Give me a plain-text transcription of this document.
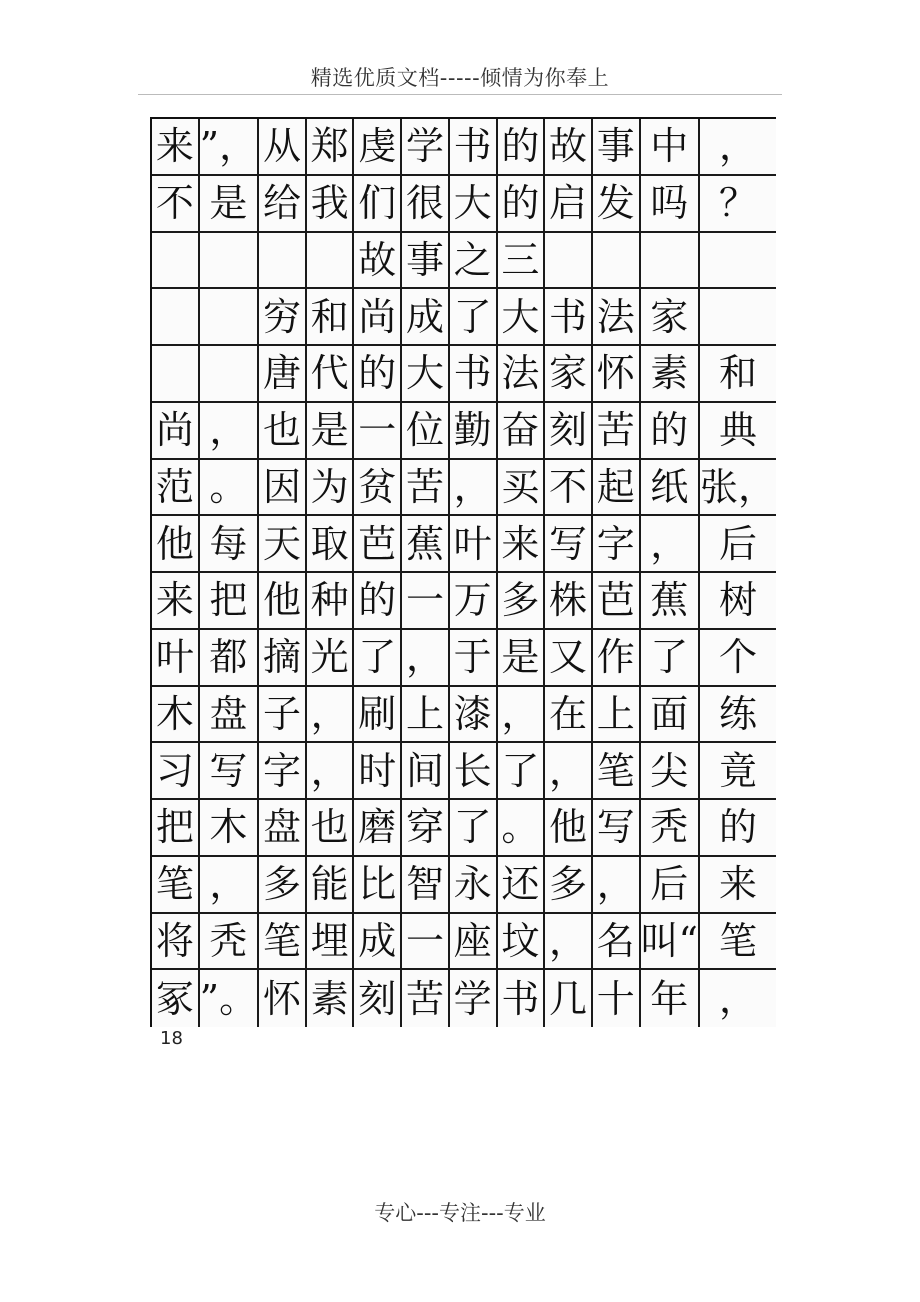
精选优质文档-----倾情为你奉上
来 ”， 从 郑 虔 学 书 的 故 事 中 ，
不 是 给 我 们 很 大 的 启 发 吗 ？
故 事 之 三
穷 和 尚 成 了 大 书 法 家
唐 代 的 大 书 法 家 怀 素 和
尚 ， 也 是 一 位 勤 奋 刻 苦 的 典
范 。 因 为 贫 苦 ， 买 不 起 纸 张，
他 每 天 取 芭 蕉 叶 来 写 字 ， 后
来 把 他 种 的 一 万 多 株 芭 蕉 树
叶 都 摘 光 了 ， 于 是 又 作 了 个
木 盘 子 ， 刷 上 漆 ， 在 上 面 练
习 写 字 ， 时 间 长 了 ， 笔 尖 竟
把 木 盘 也 磨 穿 了 。 他 写 秃 的
笔 ， 多 能 比 智 永 还 多 ， 后 来
将 秃 笔 埋 成 一 座 坟 ， 名 叫“ 笔
冢 ”。 怀 素 刻 苦 学 书 几 十 年 ，
18
专心---专注---专业
